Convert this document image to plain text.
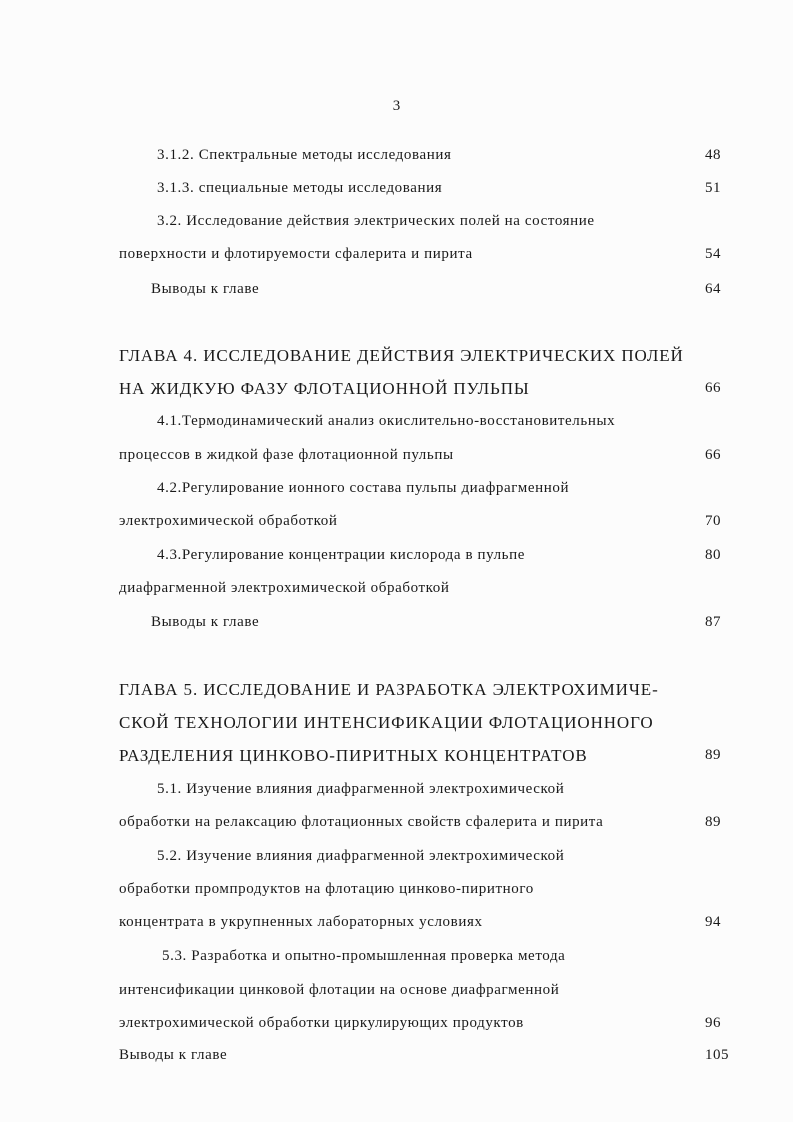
3
3.1.2. Спектральные методы исследования	48
3.1.3. специальные методы исследования	51
3.2. Исследование действия электрических полей на состояние
поверхности и флотируемости сфалерита и пирита	54
Выводы к главе	64
ГЛАВА 4. ИССЛЕДОВАНИЕ ДЕЙСТВИЯ ЭЛЕКТРИЧЕСКИХ ПОЛЕЙ
НА ЖИДКУЮ ФАЗУ ФЛОТАЦИОННОЙ ПУЛЬПЫ	66
4.1.Термодинамический анализ окислительно-восстановительных
процессов в жидкой фазе флотационной пульпы	66
4.2.Регулирование ионного состава пульпы диафрагменной
электрохимической обработкой	70
4.3.Регулирование концентрации кислорода в пульпе	80
диафрагменной электрохимической обработкой
Выводы к главе	87
ГЛАВА 5. ИССЛЕДОВАНИЕ И РАЗРАБОТКА ЭЛЕКТРОХИМИЧЕ-
СКОЙ ТЕХНОЛОГИИ ИНТЕНСИФИКАЦИИ ФЛОТАЦИОННОГО
РАЗДЕЛЕНИЯ ЦИНКОВО-ПИРИТНЫХ КОНЦЕНТРАТОВ	89
5.1. Изучение влияния диафрагменной электрохимической
обработки на релаксацию флотационных свойств сфалерита и пирита	89
5.2. Изучение влияния диафрагменной электрохимической
обработки промпродуктов на флотацию цинково-пиритного
концентрата в укрупненных лабораторных условиях	94
5.3. Разработка и опытно-промышленная проверка метода
интенсификации цинковой флотации на основе диафрагменной
электрохимической обработки циркулирующих продуктов	96
Выводы к главе	105
